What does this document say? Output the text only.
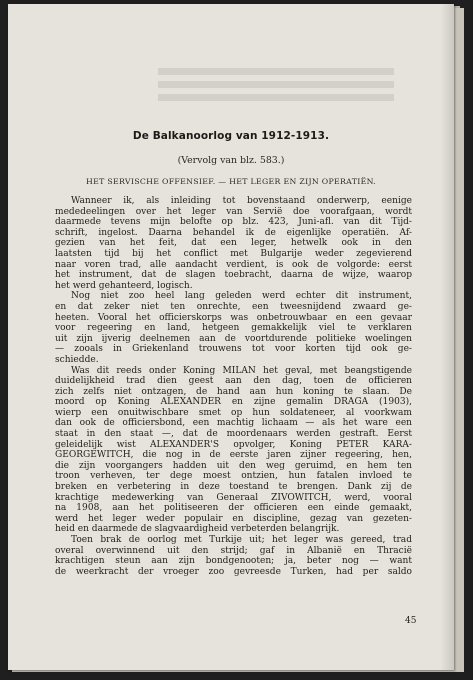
De Balkanoorlog van 1912-1913.
(Vervolg van blz. 583.)
HET SERVISCHE OFFENSIEF. — HET LEGER EN ZIJN OPERATIËN.
Wanneer ik, als inleiding tot bovenstaand onderwerp, eenige
mededeelingen over het leger van Servië doe voorafgaan, wordt
daarmede tevens mijn belofte op blz. 423, Juni-afl. van dit Tijd-
schrift, ingelost. Daarna behandel ik de eigenlijke operatiën. Af-
gezien van het feit, dat een leger, hetwelk ook in den
laatsten tijd bij het conflict met Bulgarije weder zegevierend
naar voren trad, alle aandacht verdient, is ook de volgorde: eerst
het instrument, dat de slagen toebracht, daarna de wijze, waarop
het werd gehanteerd, logisch.
Nog niet zoo heel lang geleden werd echter dit instrument,
en dat zeker niet ten onrechte, een tweesnijdend zwaard ge-
heeten. Vooral het officierskorps was onbetrouwbaar en een gevaar
voor regeering en land, hetgeen gemakkelijk viel te verklaren
uit zijn ijverig deelnemen aan de voortdurende politieke woelingen
— zooals in Griekenland trouwens tot voor korten tijd ook ge-
schiedde.
Was dit reeds onder Koning MILAN het geval, met beangstigende
duidelijkheid trad dien geest aan den dag, toen de officieren
zich zelfs niet ontzagen, de hand aan hun koning te slaan. De
moord op Koning ALEXANDER en zijne gemalin DRAGA (1903),
wierp een onuitwischbare smet op hun soldateneer, al voorkwam
dan ook de officiersbond, een machtig lichaam — als het ware een
staat in den staat —, dat de moordenaars werden gestraft. Eerst
geleidelijk wist ALEXANDER'S opvolger, Koning PETER KARA-
GEORGEWITCH, die nog in de eerste jaren zijner regeering, hen,
die zijn voorgangers hadden uit den weg geruimd, en hem ten
troon verheven, ter dege moest ontzien, hun fatalen invloed te
breken en verbetering in deze toestand te brengen. Dank zij de
krachtige medewerking van Generaal ZIVOWITCH, werd, vooral
na 1908, aan het politiseeren der officieren een einde gemaakt,
werd het leger weder populair en discipline, gezag van gezeten-
heid en daarmede de slagvaardigheid verbeterden belangrijk.
Toen brak de oorlog met Turkije uit; het leger was gereed, trad
overal overwinnend uit den strijd; gaf in Albanië en Thracië
krachtigen steun aan zijn bondgenooten; ja, beter nog — want
de weerkracht der vroeger zoo gevreesde Turken, had per saldo
45
